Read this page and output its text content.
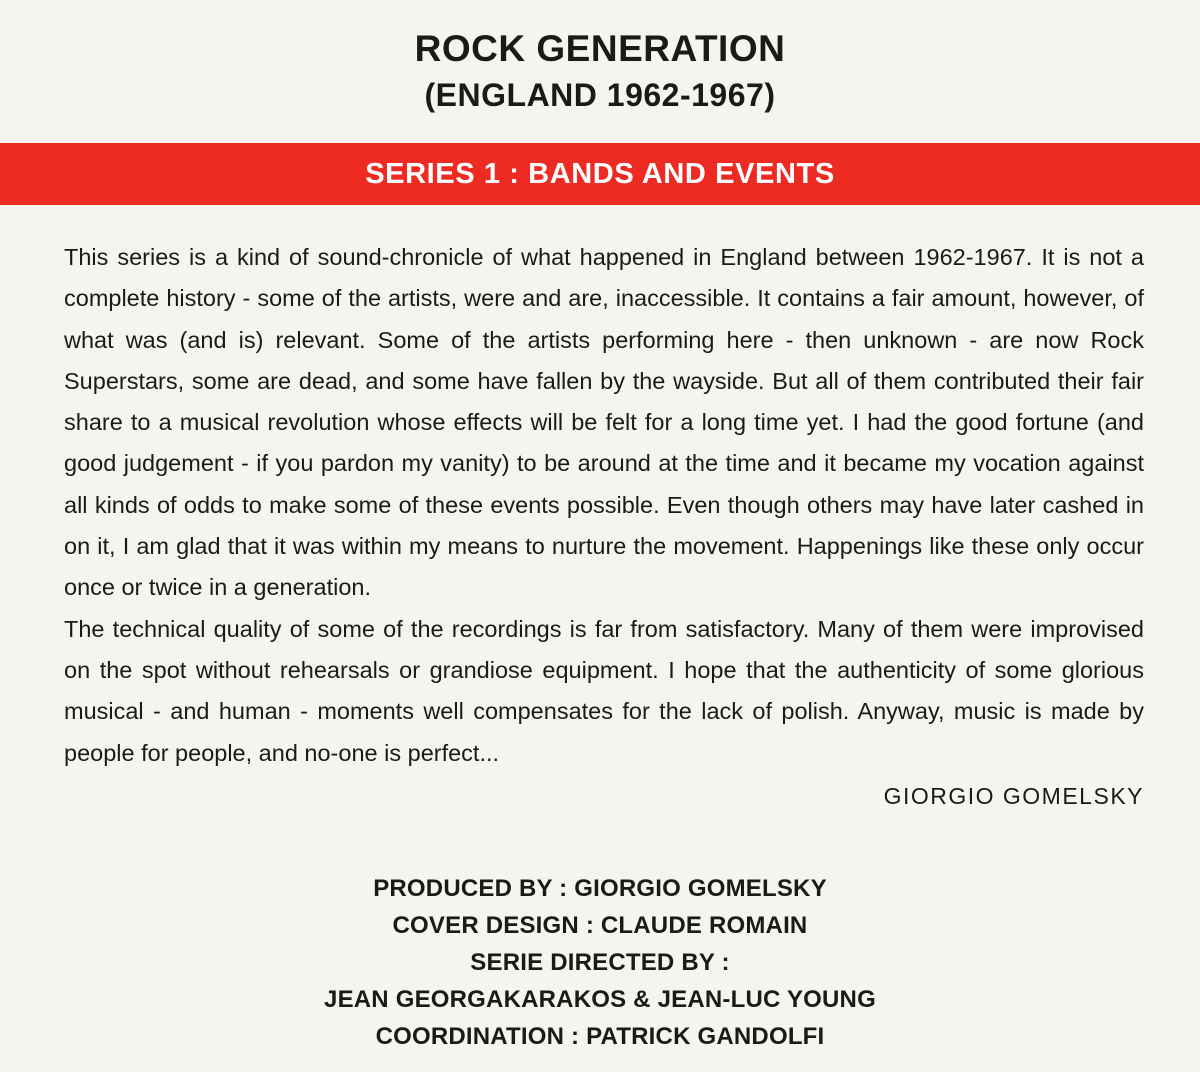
ROCK GENERATION
(ENGLAND 1962-1967)
SERIES 1 : BANDS AND EVENTS

This series is a kind of sound-chronicle of what happened in England between 1962-1967. It is not a complete history - some of the artists, were and are, inaccessible. It contains a fair amount, however, of what was (and is) relevant. Some of the artists performing here - then unknown - are now Rock Superstars, some are dead, and some have fallen by the wayside. But all of them contributed their fair share to a musical revolution whose effects will be felt for a long time yet. I had the good fortune (and good judgement - if you pardon my vanity) to be around at the time and it became my vocation against all kinds of odds to make some of these events possible. Even though others may have later cashed in on it, I am glad that it was within my means to nurture the movement. Happenings like these only occur once or twice in a generation.

The technical quality of some of the recordings is far from satisfactory. Many of them were improvised on the spot without rehearsals or grandiose equipment. I hope that the authenticity of some glorious musical - and human - moments well compensates for the lack of polish. Anyway, music is made by people for people, and no-one is perfect...

GIORGIO GOMELSKY
PRODUCED BY : GIORGIO GOMELSKY
COVER DESIGN : CLAUDE ROMAIN
SERIE DIRECTED BY :
JEAN GEORGAKARAKOS & JEAN-LUC YOUNG
COORDINATION : PATRICK GANDOLFI
